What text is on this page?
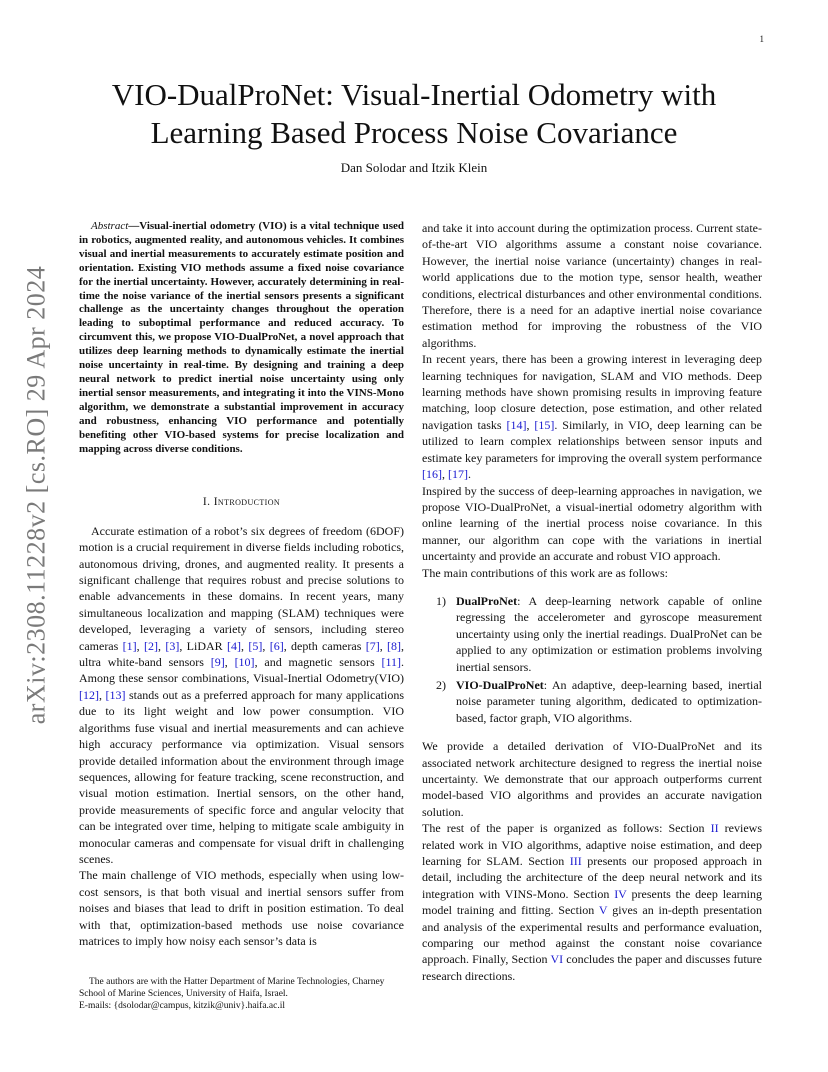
1
arXiv:2308.11228v2 [cs.RO] 29 Apr 2024
VIO-DualProNet: Visual-Inertial Odometry with Learning Based Process Noise Covariance
Dan Solodar and Itzik Klein

Abstract—Visual-inertial odometry (VIO) is a vital technique used in robotics, augmented reality, and autonomous vehicles. It combines visual and inertial measurements to accurately estimate position and orientation. Existing VIO methods assume a fixed noise covariance for the inertial uncertainty. However, accurately determining in real-time the noise variance of the inertial sensors presents a significant challenge as the uncertainty changes throughout the operation leading to suboptimal performance and reduced accuracy. To circumvent this, we propose VIO-DualProNet, a novel approach that utilizes deep learning methods to dynamically estimate the inertial noise uncertainty in real-time. By designing and training a deep neural network to predict inertial noise uncertainty using only inertial sensor measurements, and integrating it into the VINS-Mono algorithm, we demonstrate a substantial improvement in accuracy and robustness, enhancing VIO performance and potentially benefiting other VIO-based systems for precise localization and mapping across diverse conditions.

I. Introduction

Accurate estimation of a robot’s six degrees of freedom (6DOF) motion is a crucial requirement in diverse fields including robotics, autonomous driving, drones, and augmented reality. It presents a significant challenge that requires robust and precise solutions to enable advancements in these domains. In recent years, many simultaneous localization and mapping (SLAM) techniques were developed, leveraging a variety of sensors, including stereo cameras [1], [2], [3], LiDAR [4], [5], [6], depth cameras [7], [8], ultra white-band sensors [9], [10], and magnetic sensors [11]. Among these sensor combinations, Visual-Inertial Odometry(VIO) [12], [13] stands out as a preferred approach for many applications due to its light weight and low power consumption. VIO algorithms fuse visual and inertial measurements and can achieve high accuracy performance via optimization. Visual sensors provide detailed information about the environment through image sequences, allowing for feature tracking, scene reconstruction, and visual motion estimation. Inertial sensors, on the other hand, provide measurements of specific force and angular velocity that can be integrated over time, helping to mitigate scale ambiguity in monocular cameras and compensate for visual drift in challenging scenes.

The main challenge of VIO methods, especially when using low-cost sensors, is that both visual and inertial sensors suffer from noises and biases that lead to drift in position estimation. To deal with that, optimization-based methods use noise covariance matrices to imply how noisy each sensor’s data is

and take it into account during the optimization process. Current state-of-the-art VIO algorithms assume a constant noise covariance. However, the inertial noise variance (uncertainty) changes in real-world applications due to the motion type, sensor health, weather conditions, electrical disturbances and other environmental conditions. Therefore, there is a need for an adaptive inertial noise covariance estimation method for improving the robustness of the VIO algorithms.

In recent years, there has been a growing interest in leveraging deep learning techniques for navigation, SLAM and VIO methods. Deep learning methods have shown promising results in improving feature matching, loop closure detection, pose estimation, and other related navigation tasks [14], [15]. Similarly, in VIO, deep learning can be utilized to learn complex relationships between sensor inputs and estimate key parameters for improving the overall system performance [16], [17].

Inspired by the success of deep-learning approaches in navigation, we propose VIO-DualProNet, a visual-inertial odometry algorithm with online learning of the inertial process noise covariance. In this manner, our algorithm can cope with the variations in inertial uncertainty and provide an accurate and robust VIO approach.

The main contributions of this work are as follows:

1) DualProNet: A deep-learning network capable of online regressing the accelerometer and gyroscope measurement uncertainty using only the inertial readings. DualProNet can be applied to any optimization or estimation problems involving inertial sensors.
2) VIO-DualProNet: An adaptive, deep-learning based, inertial noise parameter tuning algorithm, dedicated to optimization-based, factor graph, VIO algorithms.

We provide a detailed derivation of VIO-DualProNet and its associated network architecture designed to regress the inertial noise uncertainty. We demonstrate that our approach outperforms current model-based VIO algorithms and provides an accurate navigation solution.

The rest of the paper is organized as follows: Section II reviews related work in VIO algorithms, adaptive noise estimation, and deep learning for SLAM. Section III presents our proposed approach in detail, including the architecture of the deep neural network and its integration with VINS-Mono. Section IV presents the deep learning model training and fitting. Section V gives an in-depth presentation and analysis of the experimental results and performance evaluation, comparing our method against the constant noise covariance approach. Finally, Section VI concludes the paper and discusses future research directions.

The authors are with the Hatter Department of Marine Technologies, Charney School of Marine Sciences, University of Haifa, Israel.
E-mails: {dsolodar@campus, kitzik@univ}.haifa.ac.il
